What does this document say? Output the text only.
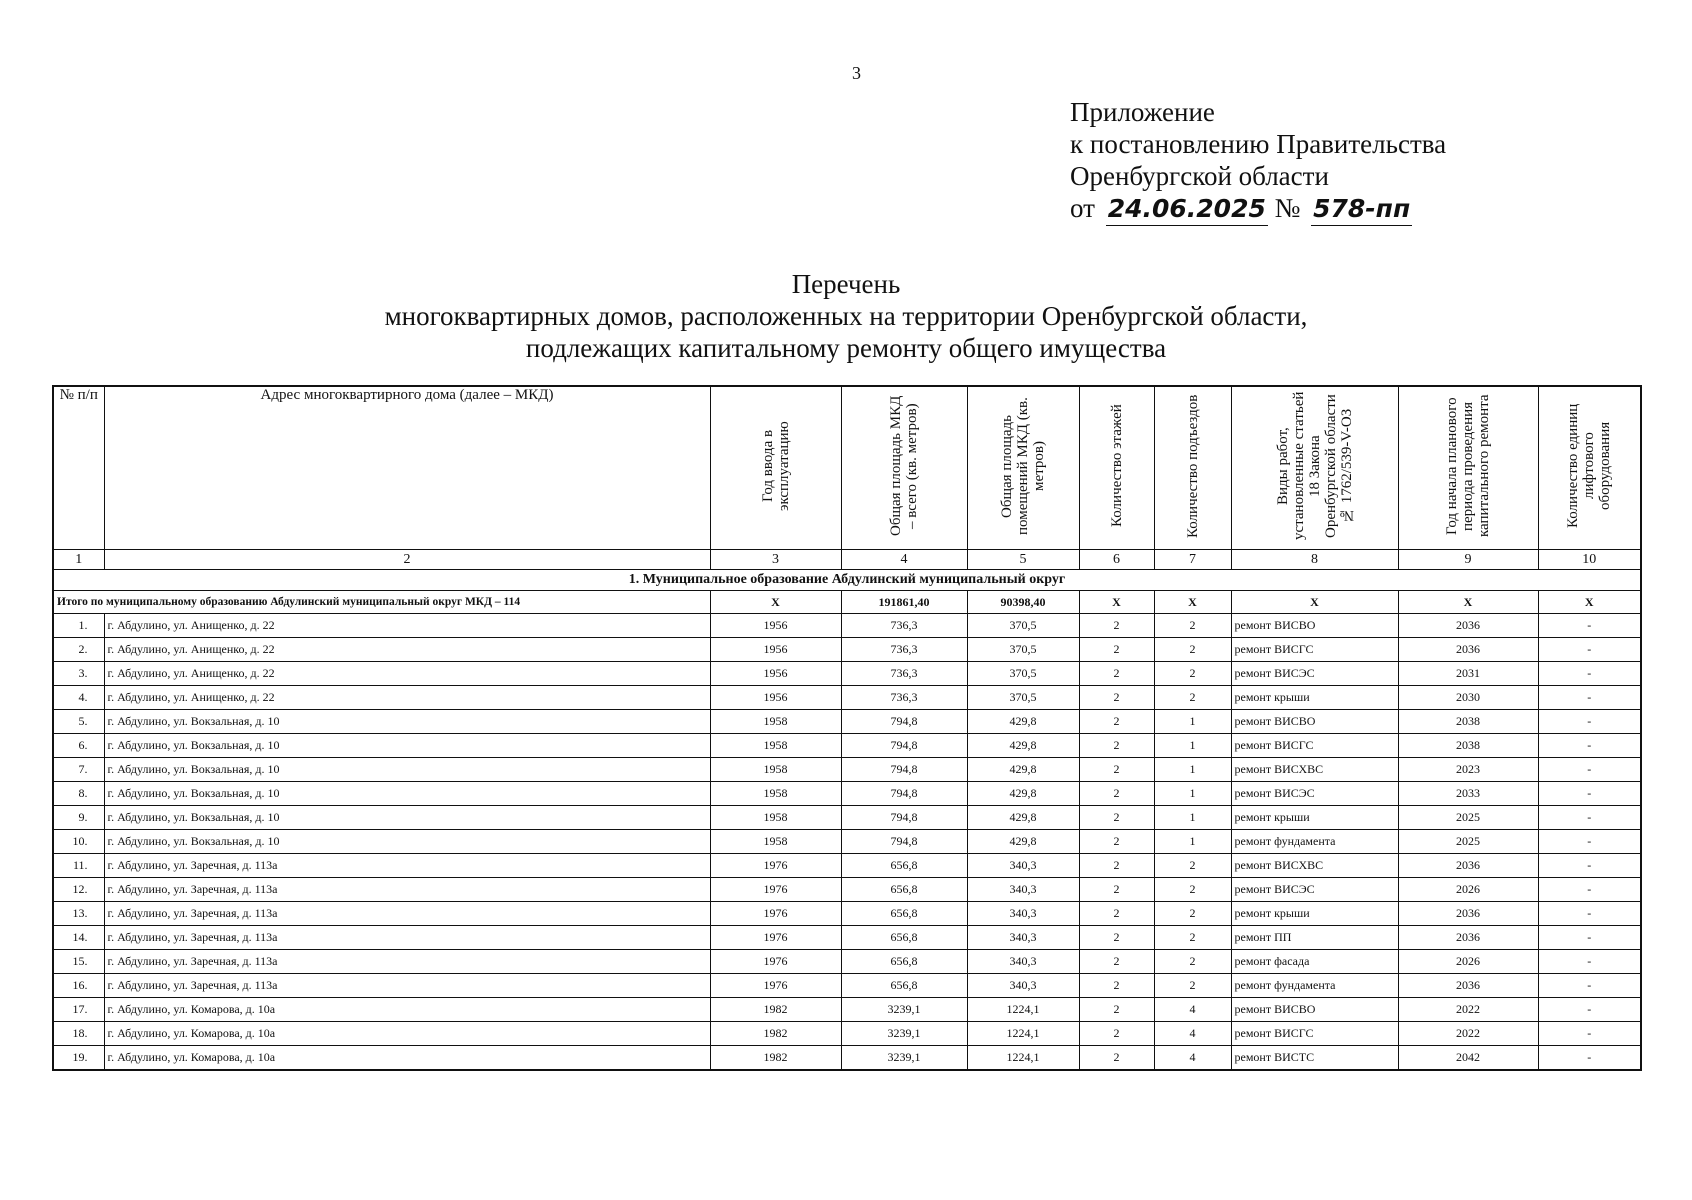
3
Приложение
к постановлению Правительства
Оренбургской области
от 24.06.2025 № 578-пп
Перечень
многоквартирных домов, расположенных на территории Оренбургской области,
подлежащих капитальному ремонту общего имущества
№ п/п	Адрес многоквартирного дома (далее – МКД)	Год ввода в эксплуатацию	Общая площадь МКД – всего (кв. метров)	Общая площадь помещений МКД (кв. метров)	Количество этажей	Количество подъездов	Виды работ, установленные статьей 18 Закона Оренбургской области № 1762/539-V-ОЗ	Год начала планового периода проведения капитального ремонта	Количество единиц лифтового оборудования
1	2	3	4	5	6	7	8	9	10
1. Муниципальное образование Абдулинский муниципальный округ									
Итого по муниципальному образованию Абдулинский муниципальный округ МКД – 114		Х	191861,40	90398,40	Х	Х	Х	Х	Х
1.	г. Абдулино, ул. Анищенко, д. 22	1956	736,3	370,5	2	2	ремонт ВИСВО	2036	-
2.	г. Абдулино, ул. Анищенко, д. 22	1956	736,3	370,5	2	2	ремонт ВИСГС	2036	-
3.	г. Абдулино, ул. Анищенко, д. 22	1956	736,3	370,5	2	2	ремонт ВИСЭС	2031	-
4.	г. Абдулино, ул. Анищенко, д. 22	1956	736,3	370,5	2	2	ремонт крыши	2030	-
5.	г. Абдулино, ул. Вокзальная, д. 10	1958	794,8	429,8	2	1	ремонт ВИСВО	2038	-
6.	г. Абдулино, ул. Вокзальная, д. 10	1958	794,8	429,8	2	1	ремонт ВИСГС	2038	-
7.	г. Абдулино, ул. Вокзальная, д. 10	1958	794,8	429,8	2	1	ремонт ВИСХВС	2023	-
8.	г. Абдулино, ул. Вокзальная, д. 10	1958	794,8	429,8	2	1	ремонт ВИСЭС	2033	-
9.	г. Абдулино, ул. Вокзальная, д. 10	1958	794,8	429,8	2	1	ремонт крыши	2025	-
10.	г. Абдулино, ул. Вокзальная, д. 10	1958	794,8	429,8	2	1	ремонт фундамента	2025	-
11.	г. Абдулино, ул. Заречная, д. 113а	1976	656,8	340,3	2	2	ремонт ВИСХВС	2036	-
12.	г. Абдулино, ул. Заречная, д. 113а	1976	656,8	340,3	2	2	ремонт ВИСЭС	2026	-
13.	г. Абдулино, ул. Заречная, д. 113а	1976	656,8	340,3	2	2	ремонт крыши	2036	-
14.	г. Абдулино, ул. Заречная, д. 113а	1976	656,8	340,3	2	2	ремонт ПП	2036	-
15.	г. Абдулино, ул. Заречная, д. 113а	1976	656,8	340,3	2	2	ремонт фасада	2026	-
16.	г. Абдулино, ул. Заречная, д. 113а	1976	656,8	340,3	2	2	ремонт фундамента	2036	-
17.	г. Абдулино, ул. Комарова, д. 10а	1982	3239,1	1224,1	2	4	ремонт ВИСВО	2022	-
18.	г. Абдулино, ул. Комарова, д. 10а	1982	3239,1	1224,1	2	4	ремонт ВИСГС	2022	-
19.	г. Абдулино, ул. Комарова, д. 10а	1982	3239,1	1224,1	2	4	ремонт ВИСТС	2042	-
